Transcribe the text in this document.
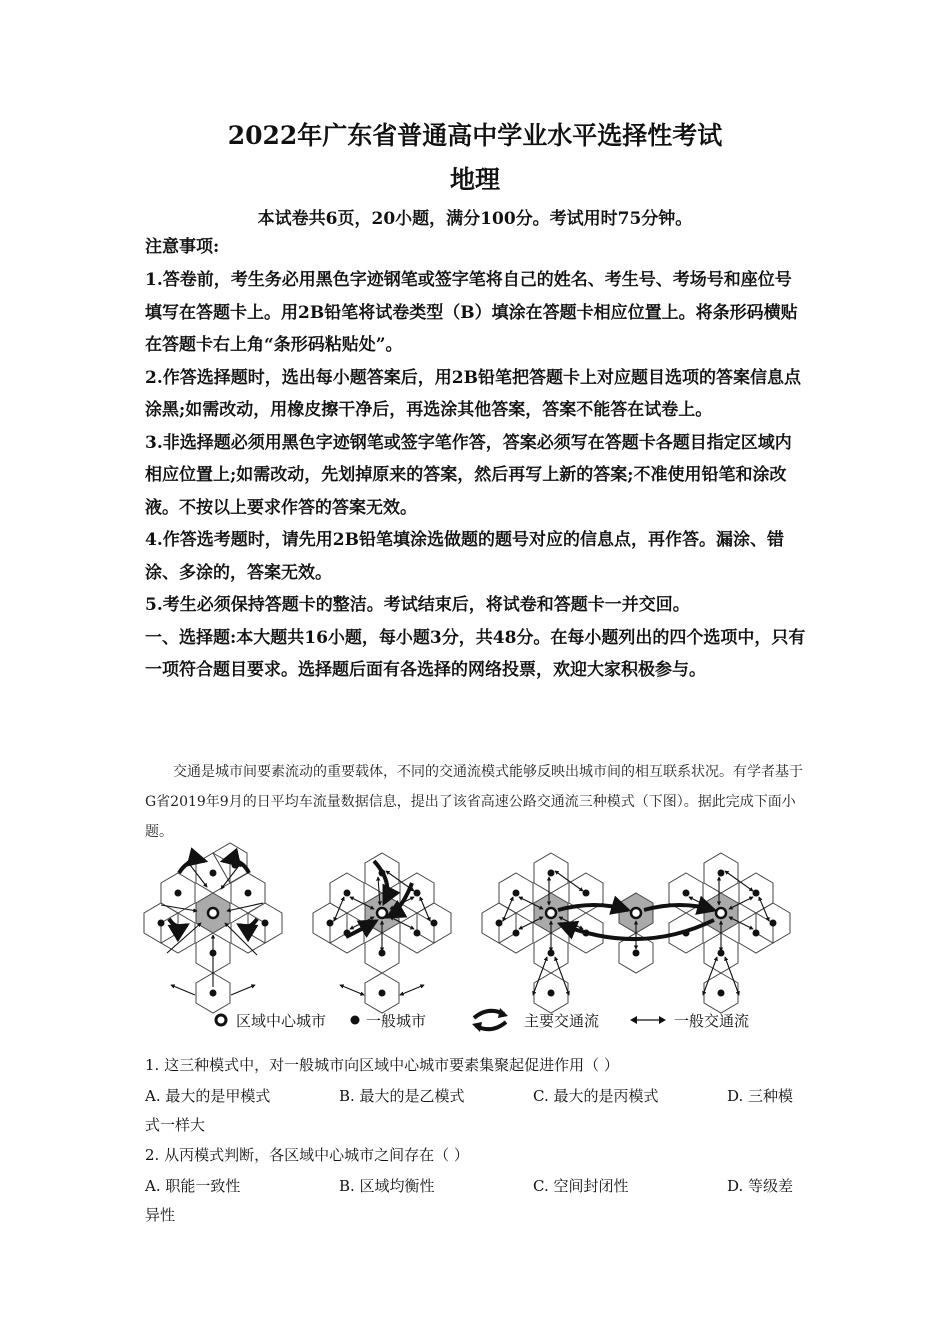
2022年广东省普通高中学业水平选择性考试
地理
本试卷共6页，20小题，满分100分。考试用时75分钟。
注意事项:

1.答卷前，考生务必用黑色字迹钢笔或签字笔将自己的姓名、考生号、考场号和座位号填写在答题卡上。用2B铅笔将试卷类型（B）填涂在答题卡相应位置上。将条形码横贴在答题卡右上角“条形码粘贴处”。

2.作答选择题时，选出每小题答案后，用2B铅笔把答题卡上对应题目选项的答案信息点涂黑;如需改动，用橡皮擦干净后，再选涂其他答案，答案不能答在试卷上。

3.非选择题必须用黑色字迹钢笔或签字笔作答，答案必须写在答题卡各题目指定区域内相应位置上;如需改动，先划掉原来的答案，然后再写上新的答案;不准使用铅笔和涂改液。不按以上要求作答的答案无效。

4.作答选考题时，请先用2B铅笔填涂选做题的题号对应的信息点，再作答。漏涂、错涂、多涂的，答案无效。

5.考生必须保持答题卡的整洁。考试结束后，将试卷和答题卡一并交回。

一、选择题:本大题共16小题，每小题3分，共48分。在每小题列出的四个选项中，只有一项符合题目要求。选择题后面有各选择的网络投票，欢迎大家积极参与。

交通是城市间要素流动的重要载体，不同的交通流模式能够反映出城市间的相互联系状况。有学者基于G省2019年9月的日平均车流量数据信息，提出了该省高速公路交通流三种模式（下图）。据此完成下面小题。
区域中心城市	一般城市	主要交通流	一般交通流
1. 这三种模式中，对一般城市向区域中心城市要素集聚起促进作用（ ）
A. 最大的是甲模式	B. 最大的是乙模式	C. 最大的是丙模式	D. 三种模
式一样大
2. 从丙模式判断，各区域中心城市之间存在（ ）
A. 职能一致性	B. 区域均衡性	C. 空间封闭性	D. 等级差
异性
